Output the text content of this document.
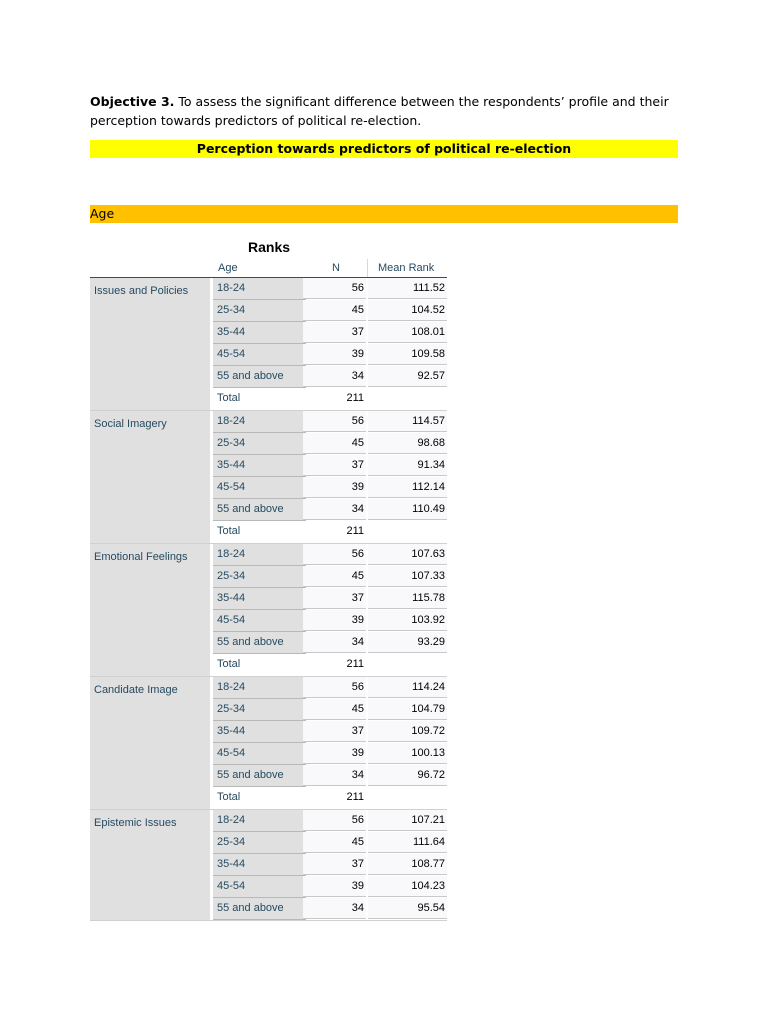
Objective 3. To assess the significant difference between the respondents’ profile and their perception towards predictors of political re-election.
Perception towards predictors of political re-election
Age
Ranks
Age	N	Mean Rank
Issues and Policies	18-24	56	111.52
25-34	45	104.52
35-44	37	108.01
45-54	39	109.58
55 and above	34	92.57
Total	211
Social Imagery	18-24	56	114.57
25-34	45	98.68
35-44	37	91.34
45-54	39	112.14
55 and above	34	110.49
Total	211
Emotional Feelings	18-24	56	107.63
25-34	45	107.33
35-44	37	115.78
45-54	39	103.92
55 and above	34	93.29
Total	211
Candidate Image	18-24	56	114.24
25-34	45	104.79
35-44	37	109.72
45-54	39	100.13
55 and above	34	96.72
Total	211
Epistemic Issues	18-24	56	107.21
25-34	45	111.64
35-44	37	108.77
45-54	39	104.23
55 and above	34	95.54
